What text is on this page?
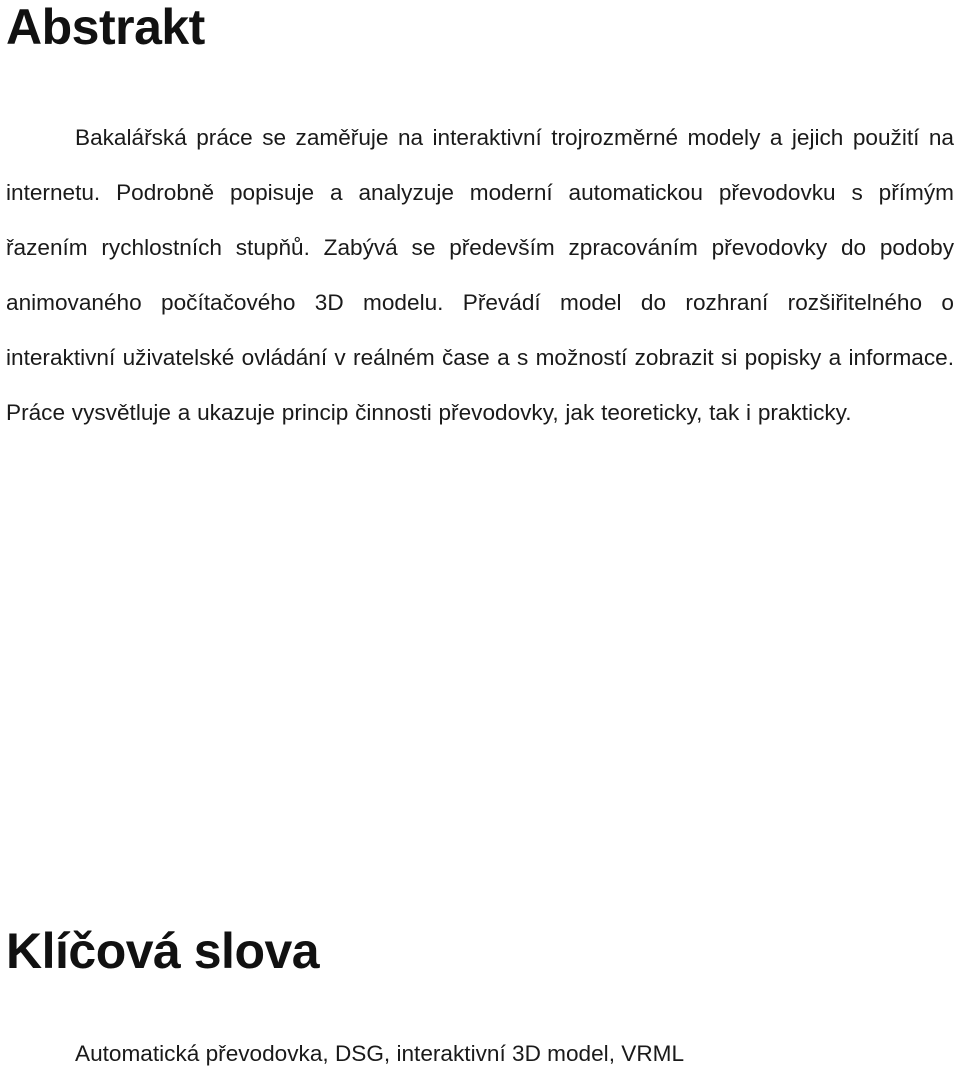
Abstrakt

Bakalářská práce se zaměřuje na interaktivní trojrozměrné modely a jejich použití na internetu. Podrobně popisuje a analyzuje moderní automatickou převodovku s přímým řazením rychlostních stupňů. Zabývá se především zpracováním převodovky do podoby animovaného počítačového 3D modelu. Převádí model do rozhraní rozšiřitelného o interaktivní uživatelské ovládání v reálném čase a s možností zobrazit si popisky a informace. Práce vysvětluje a ukazuje princip činnosti převodovky, jak teoreticky, tak i prakticky.

Klíčová slova

Automatická převodovka, DSG, interaktivní 3D model, VRML
